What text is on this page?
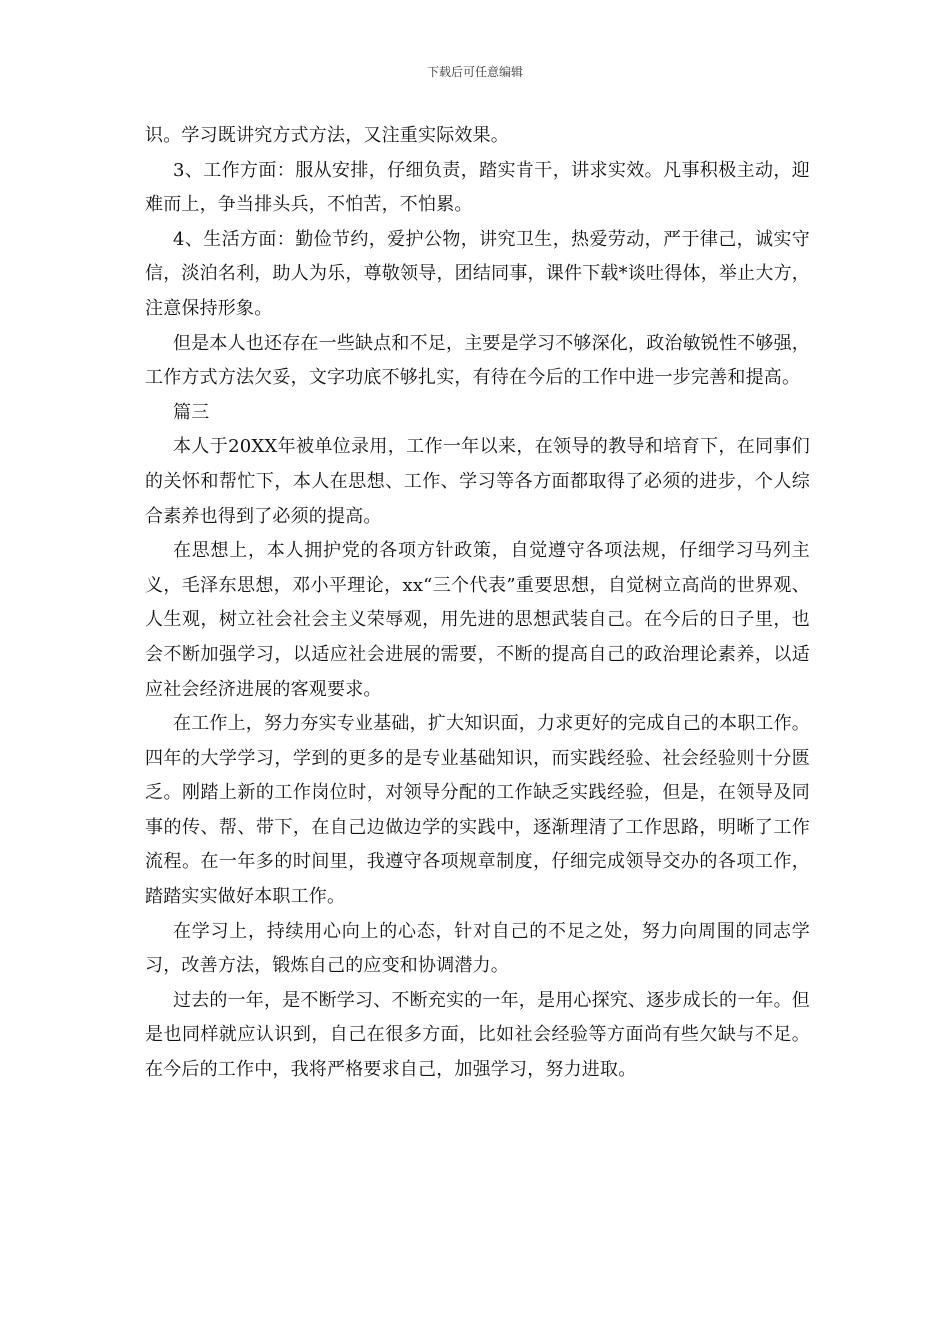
下载后可任意编辑

识。学习既讲究方式方法，又注重实际效果。

3、工作方面：服从安排，仔细负责，踏实肯干，讲求实效。凡事积极主动，迎难而上，争当排头兵，不怕苦，不怕累。

4、生活方面：勤俭节约，爱护公物，讲究卫生，热爱劳动，严于律己，诚实守信，淡泊名利，助人为乐，尊敬领导，团结同事，课件下载*谈吐得体，举止大方，注意保持形象。

但是本人也还存在一些缺点和不足，主要是学习不够深化，政治敏锐性不够强，工作方式方法欠妥，文字功底不够扎实，有待在今后的工作中进一步完善和提高。

篇三

本人于20XX年被单位录用，工作一年以来，在领导的教导和培育下，在同事们的关怀和帮忙下，本人在思想、工作、学习等各方面都取得了必须的进步，个人综合素养也得到了必须的提高。

在思想上，本人拥护党的各项方针政策，自觉遵守各项法规，仔细学习马列主义，毛泽东思想，邓小平理论，xx“三个代表”重要思想，自觉树立高尚的世界观、人生观，树立社会社会主义荣辱观，用先进的思想武装自己。在今后的日子里，也会不断加强学习，以适应社会进展的需要，不断的提高自己的政治理论素养，以适应社会经济进展的客观要求。

在工作上，努力夯实专业基础，扩大知识面，力求更好的完成自己的本职工作。四年的大学学习，学到的更多的是专业基础知识，而实践经验、社会经验则十分匮乏。刚踏上新的工作岗位时，对领导分配的工作缺乏实践经验，但是，在领导及同事的传、帮、带下，在自己边做边学的实践中，逐渐理清了工作思路，明晰了工作流程。在一年多的时间里，我遵守各项规章制度，仔细完成领导交办的各项工作，踏踏实实做好本职工作。

在学习上，持续用心向上的心态，针对自己的不足之处，努力向周围的同志学习，改善方法，锻炼自己的应变和协调潜力。

过去的一年，是不断学习、不断充实的一年，是用心探究、逐步成长的一年。但是也同样就应认识到，自己在很多方面，比如社会经验等方面尚有些欠缺与不足。在今后的工作中，我将严格要求自己，加强学习，努力进取。
